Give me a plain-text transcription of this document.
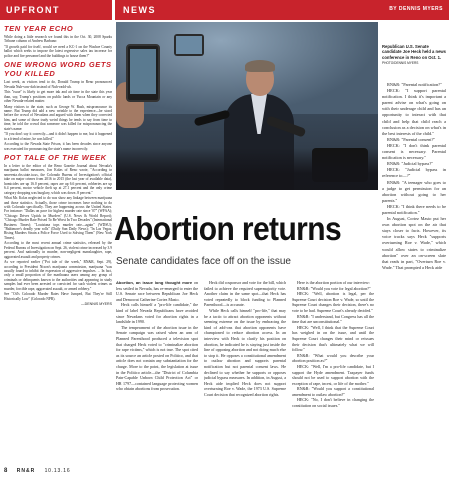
UPFRONT	NEWS	BY DENNIS MYERS
TEN YEAR ECHO

While doing a little research we found this in the Oct. 30, 2008 Sparks Tribune column of Andrew Barbano:

"If growth paid for itself, would we need a KC-1 on the Washoe County ballot which seeks to impose the latest regressive sales tax increase for police and fire personnel and the buildings to house them?"

ONE WRONG WORD GETS YOU KILLED

Last week, as visitors tend to do, Donald Trump in Reno pronounced Nevada Nuh-vaw-dah instead of Nuh-vadd-uh.

This "issue" is likely to get more ink and air time in the state this year than, say, Trump's positions on public lands or Yucca Mountain or any other Nevada-related matter.

Many visitors to the state, such as George W. Bush, mispronounce its name. But Trump did add a new wrinkle to the experience—he stood before the crowd of Nevadans and argued with them when they corrected him, and some of those trudy weird things he tends to say from time to time, he told the crowd that someone was killed for mispronouncing the state's name:

"If you don't say it correctly—and it didn't happen to me, but it happened to a friend of mine, he was killed."

According to the Nevada State Prison, it has been decades since anyone was executed for pronouncing the state's name incorrectly.

POT TALE OF THE WEEK

In a letter to the editor of the Reno Gazette Journal about Nevada's marijuana ballot measures, Jon Kolas of Reno wrote, "According to smreenia.cbs.state.ia.us, the Colorado Bureau of Investigation's official take on major crimes from 2016 to 2015 (the last year of available data), homicides are up 16.0 percent, rapes are up 6.6 percent, robberies are up 6.4 percent, motor vehicle theft up at 27.1 percent and the only crime category dropping was burglary, which was down .8 percent."

What Mr. Kolas neglected to do was show any linkage between marijuana and those statistics. Actually, those crime increases have nothing to do with Colorado specifically. They are happening across the United States. For instance: "Dallas on pace for highest murder rate since '07" (WFAA); "Chicago Drives Uptick in Murders" (U.S. News & World Report); "Chicago Murder Rate Poised To Be Worst In Two Decades" (International Business Times); "Louisiana tops murder rate—again" (WDSU); "Baltimore's deadly year rolls" (Daily Sun Daily News); "In Las Vegas, Rising Murders Strain a Police Force Used to Solving Them" (New York Times).

According to the most recent annual crime statistics, released by the Federal Bureau of Investigation on Sept. 26, violent crime increased by 3.9 percent. And nationally in murder, non-negligent manslaughter, rape, aggravated assault and property crimes.

As we reported earlier ("Pot tale of the week," RN&R, Sept. 29), according to President Nixon's marijuana commission, marijuana "was usually found to inhibit the expression of aggressive impulses. ... In fact, only a small proportion of the marihuana users among any group of criminals or delinquents known to the authorities and appearing in study samples had ever been arrested or convicted for such violent crimes as murder, forcible rape, aggravated assault, or armed robbery."

See "Oil's Colorado Murder Rates Have Jumped, But They're Still Historically Low" (Colorado NPR).

—DENNIS MYERS
Republican U.S. Senate candidate Joe Heck held a news conference in Reno on Oct. 1.
PHOTO/DENNIS MYERS
Abortion returns
Senate candidates face off on the issue

Abortion, an issue long thought more on less settled in Nevada, has re-emerged to enter the U.S. Senate race between Republican Joe Heck and Democrat Catherine Cortez Masto.

Heck calls himself a "pro-life candidate," the kind of label Nevada Republicans have avoided since Nevadans voted for abortion rights in a landslide in 1990.

The temperament of the abortion issue in the Senate campaign was raised when an arm of Planned Parenthood produced a television spot that charged Heck voted to "criminalize abortion for rape victims," which is not true. The spot cited as its source an article posted on Politico, and that article does not contain any substantiation for the charge. More to the point, the legislation at issue in the Politico article—the "District of Columbia Pain-Capable Unborn Child Protection Act" or HR 1797—contained language protecting women who obtain abortions from prosecution.

Heck did cosponsor and vote for the bill, which failed to achieve the required supermajority vote. Another claim in the same spot—that Heck has voted repeatedly to block funding to Planned Parenthood—is accurate.

While Heck calls himself "pro-life," that may be a tactic to attract abortion opponents without seeming extreme on the issue by embracing the kind of add-ons that abortion opponents have championed to reduce abortion access. In an interview with Heck to clarify his position on abortion, he indicated he is staying just inside the line of opposing abortion and not doing much else to stop it. He opposes a constitutional amendment to outlaw abortion and supports parental notification but not parental consent laws. He declined to say whether he supports or opposes judicial bypass measures. In addition, in August, a Heck aide implied Heck does not support overturning Roe v. Wade, the 1973 U.S. Supreme Court decision that recognized abortion rights.

Here is the abortion portion of our interview:

RN&R: "Would you vote for legal abortion?"

HECK: "Well, abortion is legal, per the Supreme Court decision Roe v. Wade, so until the Supreme Court changes their decision, there's no vote to be had. Supreme Court's already decided."

RN&R: "I understand, but Congress has all the time that are unconstitutional."

HECK: "Well, I think that the Supreme Court has weighed in on the issue, and until the Supreme Court changes their mind or reissues their decision that's ultimately what we will follow."

RN&R: "What would you describe your abortion position as?"

HECK: "Well, I'm a pro-life candidate, but I support the Hyde amendment. Taxpayer funds should not be used to support abortion with the exception of rape, incest, or life of the mother."

RN&R: "Would you support a constitutional amendment to outlaw abortion?"

HECK: "No, I don't believe in changing the constitution on social issues."

RN&R: "Parental notification?"

HECK: "I support parental notification. I think it's important a parent advise on what's going on with their underage child and has an opportunity to interact with that child and help that child reach a conclusion as a decision on what's in the best interests of the child."

RN&R: "Parental consent?"

HECK: "I don't think parental consent is necessary. Parental notification is necessary."

RN&R: "Judicial bypass?"

HECK: "Judicial bypass in reference to—?"

RN&R: "A teenager who goes to a judge to get permission for an abortion without going to her parents."

HECK: "I think there needs to be parental notification."

In August, Cortez Masto put her own abortion spot on the air that stays closer to facts. However, its voice tracks says Heck "supports overturning Roe v. Wade," which would allow states to criminalize abortion" over an on-screen slate that reads in part, "Overturn Roe v. Wade." That prompted a Heck aide

8 RN&R 10.13.16
